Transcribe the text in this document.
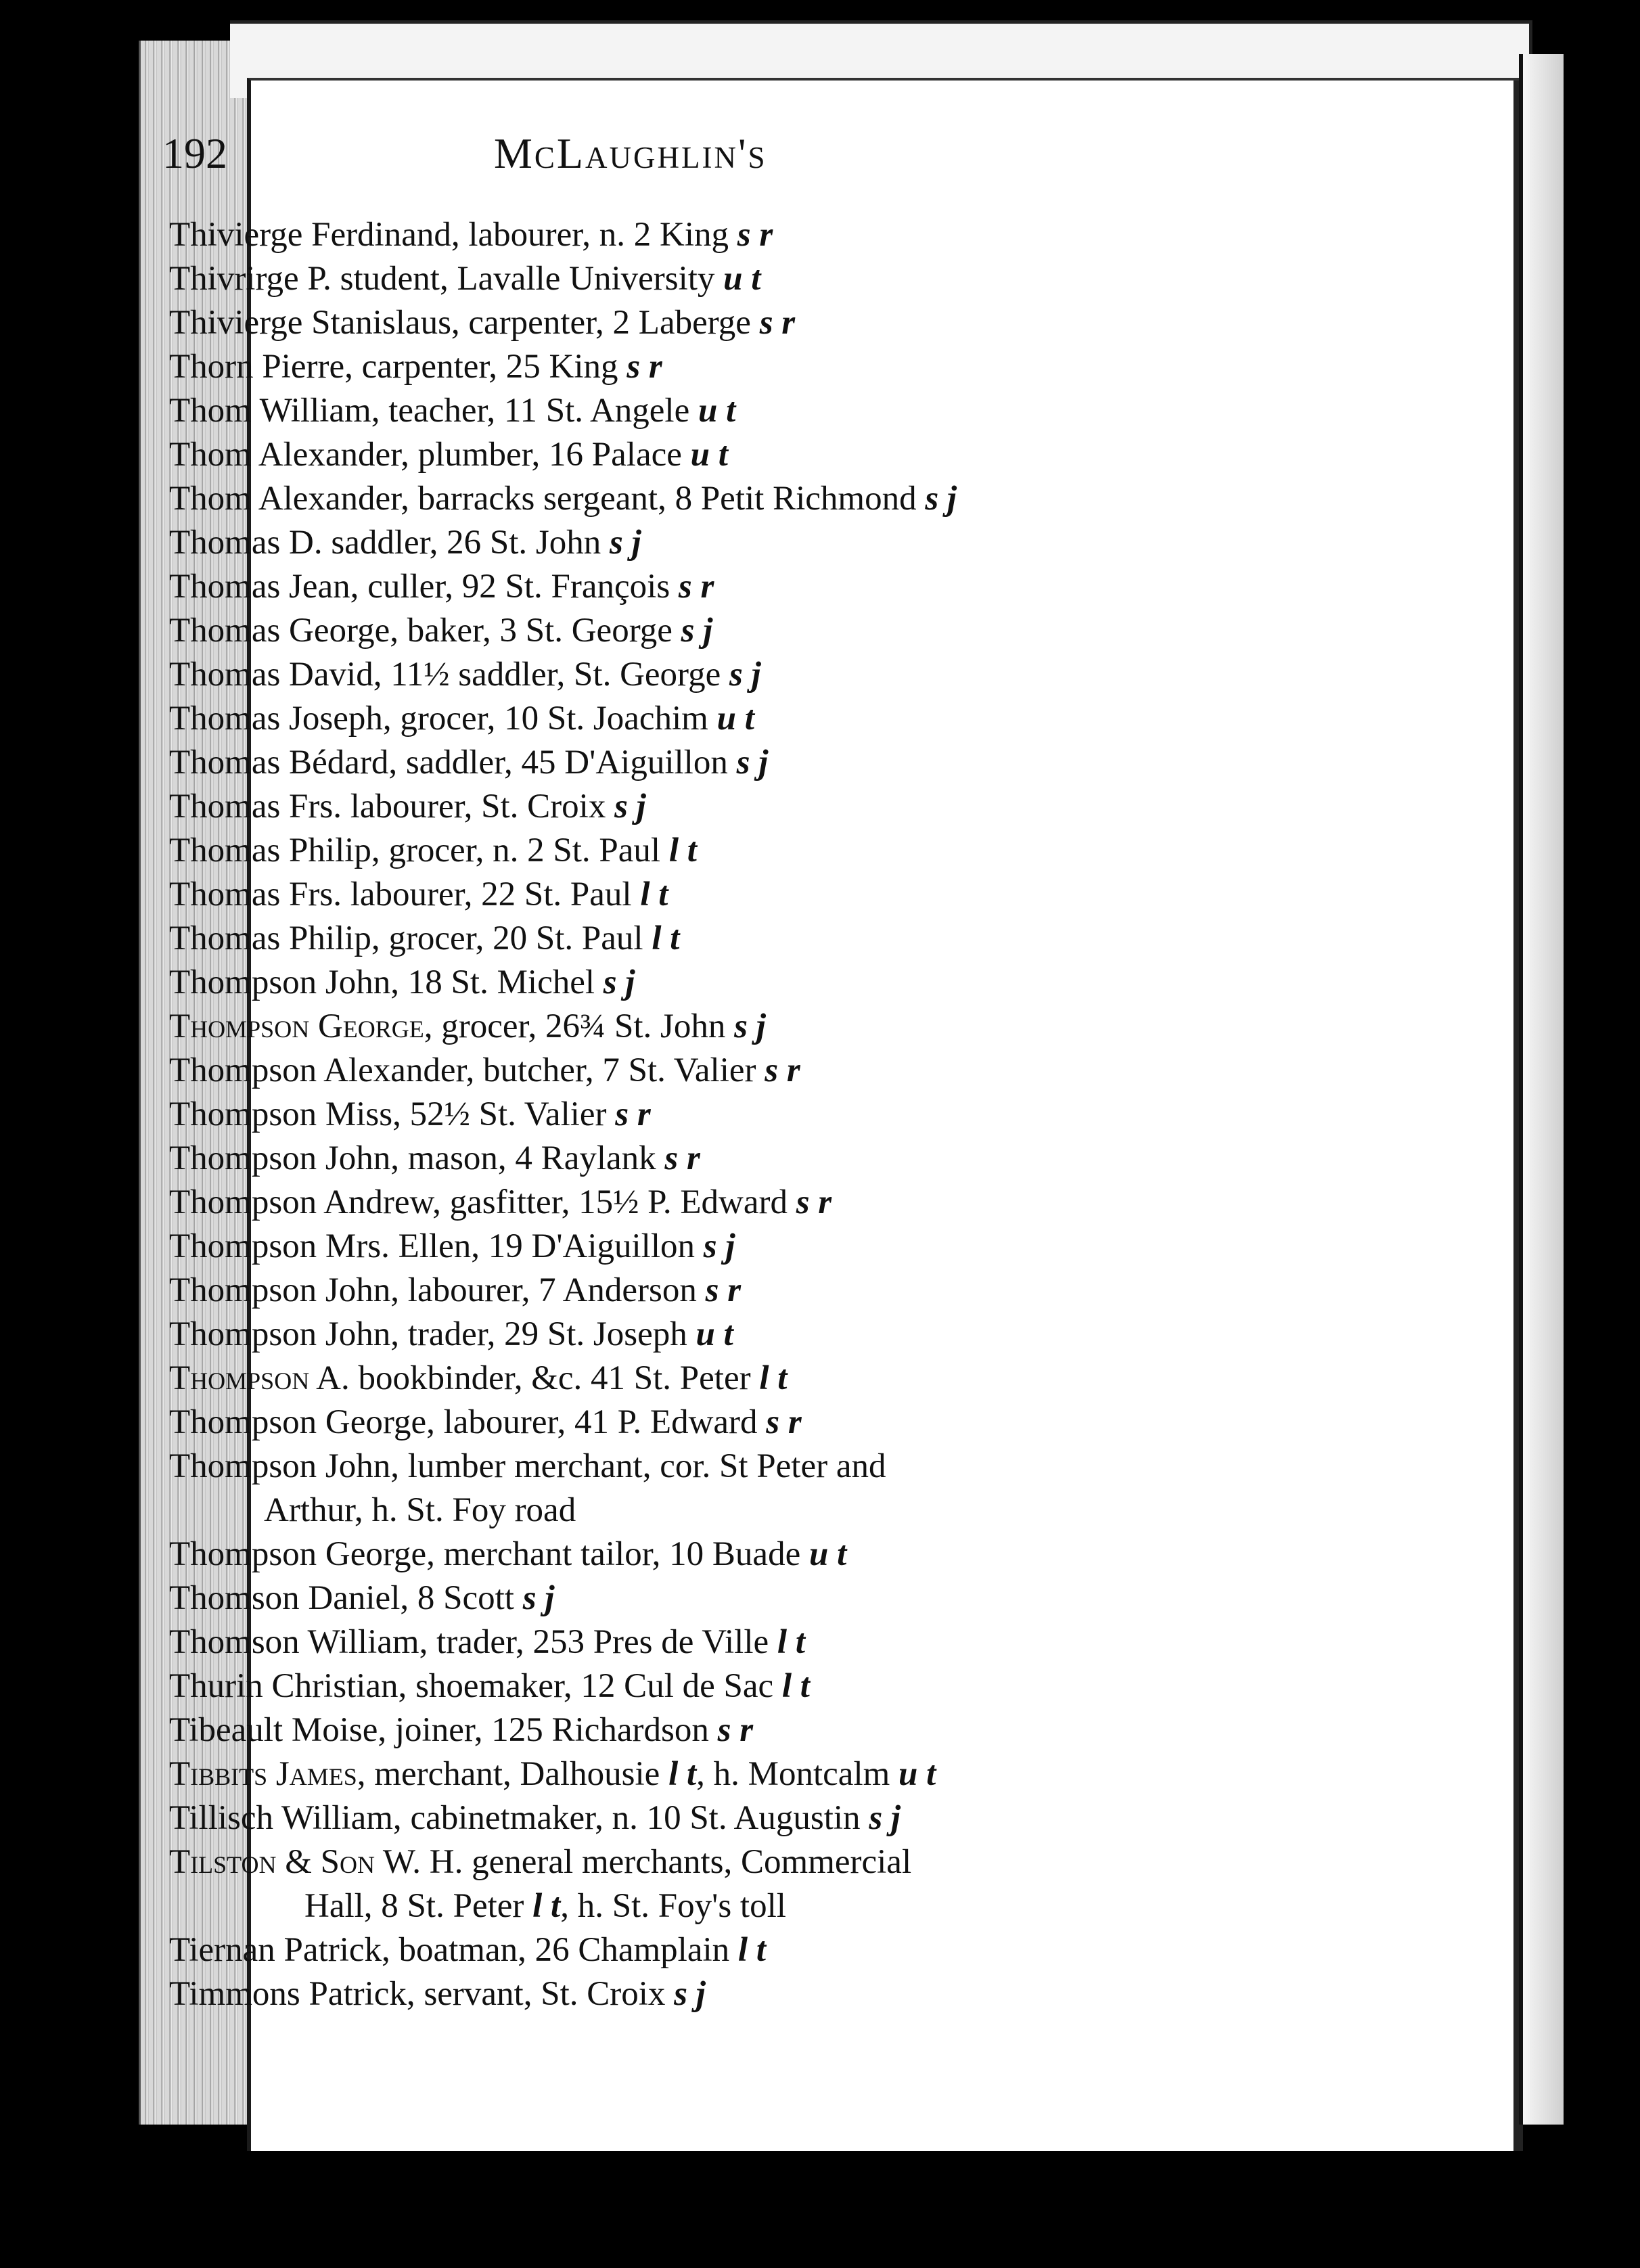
192	McLaughlin's
Thivierge Ferdinand, labourer, n. 2 King s r
Thivrirge P. student, Lavalle University u t
Thivierge Stanislaus, carpenter, 2 Laberge s r
Thorn Pierre, carpenter, 25 King s r
Thom William, teacher, 11 St. Angele u t
Thom Alexander, plumber, 16 Palace u t
Thom Alexander, barracks sergeant, 8 Petit Richmond s j
Thomas D. saddler, 26 St. John s j
Thomas Jean, culler, 92 St. François s r
Thomas George, baker, 3 St. George s j
Thomas David, 11½ saddler, St. George s j
Thomas Joseph, grocer, 10 St. Joachim u t
Thomas Bédard, saddler, 45 D'Aiguillon s j
Thomas Frs. labourer, St. Croix s j
Thomas Philip, grocer, n. 2 St. Paul l t
Thomas Frs. labourer, 22 St. Paul l t
Thomas Philip, grocer, 20 St. Paul l t
Thompson John, 18 St. Michel s j
Thompson George, grocer, 26¾ St. John s j
Thompson Alexander, butcher, 7 St. Valier s r
Thompson Miss, 52½ St. Valier s r
Thompson John, mason, 4 Raylank s r
Thompson Andrew, gasfitter, 15½ P. Edward s r
Thompson Mrs. Ellen, 19 D'Aiguillon s j
Thompson John, labourer, 7 Anderson s r
Thompson John, trader, 29 St. Joseph u t
Thompson A. bookbinder, &c. 41 St. Peter l t
Thompson George, labourer, 41 P. Edward s r
Thompson John, lumber merchant, cor. St Peter and
Arthur, h. St. Foy road
Thompson George, merchant tailor, 10 Buade u t
Thomson Daniel, 8 Scott s j
Thomson William, trader, 253 Pres de Ville l t
Thurin Christian, shoemaker, 12 Cul de Sac l t
Tibeault Moise, joiner, 125 Richardson s r
Tibbits James, merchant, Dalhousie l t, h. Montcalm u t
Tillisch William, cabinetmaker, n. 10 St. Augustin s j
Tilston & Son W. H. general merchants, Commercial
Hall, 8 St. Peter l t, h. St. Foy's toll
Tiernan Patrick, boatman, 26 Champlain l t
Timmons Patrick, servant, St. Croix s j
